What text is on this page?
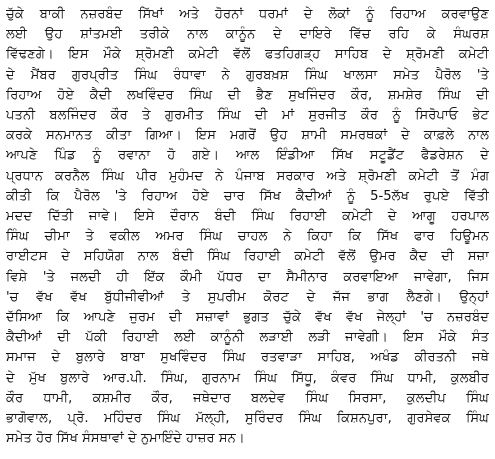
ਚੁੱਕੇ ਬਾਕੀ ਨਜ਼ਰਬੰਦ ਸਿੱਖਾਂ ਅਤੇ ਹੋਰਨਾਂ ਧਰਮਾਂ ਦੇ ਲੋਕਾਂ ਨੂੰ ਰਿਹਾਅ ਕਰਵਾਉਣ

ਲਈ ਉਹ ਸ਼ਾਂਤਮਈ ਤਰੀਕੇ ਨਾਲ ਕਾਨੂੰਨ ਦੇ ਦਾਇਰੇ ਵਿੱਚ ਰਹਿ ਕੇ ਸੰਘਰਸ਼

ਵਿੱਢਣਗੇ। ਇਸ ਮੌਕੇ ਸ਼੍ਰੋਮਣੀ ਕਮੇਟੀ ਵੱਲੋਂ ਫਤਹਿਗੜ੍ਹ ਸਾਹਿਬ ਦੇ ਸ਼੍ਰੋਮਣੀ ਕਮੇਟੀ

ਦੇ ਮੈਂਬਰ ਗੁਰਪ੍ਰੀਤ ਸਿੰਘ ਰੰਧਾਵਾ ਨੇ ਗੁਰਬਖ਼ਸ਼ ਸਿੰਘ ਖਾਲਸਾ ਸਮੇਤ ਪੈਰੋਲ 'ਤੇ

ਰਿਹਾਅ ਹੋਏ ਕੈਦੀ ਲਖਵਿੰਦਰ ਸਿੰਘ ਦੀ ਭੈਣ ਸੁਖਜਿੰਦਰ ਕੌਰ, ਸ਼ਮਸ਼ੇਰ ਸਿੰਘ ਦੀ

ਪਤਨੀ ਬਲਜਿੰਦਰ ਕੌਰ ਤੇ ਗੁਰਮੀਤ ਸਿੰਘ ਦੀ ਮਾਂ ਸੁਰਜੀਤ ਕੌਰ ਨੂੰ ਸਿਰੋਪਾਓ ਭੇਟ

ਕਰਕੇ ਸਨਮਾਨਤ ਕੀਤਾ ਗਿਆ। ਇਸ ਮਗਰੋਂ ਉਹ ਸ਼ਾਮੀ ਸਮਰਥਕਾਂ ਦੇ ਕਾਫ਼ਲੇ ਨਾਲ

ਆਪਣੇ ਪਿੰਡ ਨੂੰ ਰਵਾਨਾ ਹੋ ਗਏ। ਆਲ ਇੰਡੀਆ ਸਿੱਖ ਸਟੂਡੈਂਟ ਫੈਡਰੇਸ਼ਨ ਦੇ

ਪ੍ਰਧਾਨ ਕਰਨੈਲ ਸਿੰਘ ਪੀਰ ਮੁਹੰਮਦ ਨੇ ਪੰਜਾਬ ਸਰਕਾਰ ਅਤੇ ਸ਼੍ਰੋਮਣੀ ਕਮੇਟੀ ਤੋਂ ਮੰਗ

ਕੀਤੀ ਕਿ ਪੈਰੋਲ 'ਤੇ ਰਿਹਾਅ ਹੋਏ ਚਾਰ ਸਿੱਖ ਕੈਦੀਆਂ ਨੂੰ 5-5ਲੱਖ ਰੁਪਏ ਵਿੱਤੀ

ਮਦਦ ਦਿੱਤੀ ਜਾਵੇ। ਇਸੇ ਦੌਰਾਨ ਬੰਦੀ ਸਿੰਘ ਰਿਹਾਈ ਕਮੇਟੀ ਦੇ ਆਗੂ ਹਰਪਾਲ

ਸਿੰਘ ਚੀਮਾ ਤੇ ਵਕੀਲ ਅਮਰ ਸਿੰਘ ਚਾਹਲ ਨੇ ਕਿਹਾ ਕਿ ਸਿੱਖ ਫਾਰ ਹਿਊਮਨ

ਰਾਈਟਸ ਦੇ ਸਹਿਯੋਗ ਨਾਲ ਬੰਦੀ ਸਿੰਘ ਰਿਹਾਈ ਕਮੇਟੀ ਵੱਲੋਂ ਉਮਰ ਕੈਦ ਦੀ ਸਜ਼ਾ

ਵਿਸ਼ੇ 'ਤੇ ਜਲਦੀ ਹੀ ਇੱਕ ਕੌਮੀ ਪੱਧਰ ਦਾ ਸੈਮੀਨਾਰ ਕਰਵਾਇਆ ਜਾਵੇਗਾ, ਜਿਸ

'ਚ ਵੱਖ ਵੱਖ ਬੁੱਧੀਜੀਵੀਆਂ ਤੇ ਸੁਪਰੀਮ ਕੋਰਟ ਦੇ ਜੱਜ ਭਾਗ ਲੈਣਗੇ। ਉਨ੍ਹਾਂ

ਦੱਸਿਆ ਕਿ ਆਪਣੇ ਜੁਰਮ ਦੀ ਸਜ਼ਾਵਾਂ ਭੁਗਤ ਚੁੱਕੇ ਵੱਖ ਵੱਖ ਜੇਲ੍ਹਾਂ 'ਚ ਨਜ਼ਰਬੰਦ

ਕੈਦੀਆਂ ਦੀ ਪੱਕੀ ਰਿਹਾਈ ਲਈ ਕਾਨੂੰਨੀ ਲੜਾਈ ਲੜੀ ਜਾਵੇਗੀ। ਇਸ ਮੌਕੇ ਸੰਤ

ਸਮਾਜ ਦੇ ਬੁਲਾਰੇ ਬਾਬਾ ਸੁਖਵਿੰਦਰ ਸਿੰਘ ਰਤਵਾੜਾ ਸਾਹਿਬ, ਅਖੰਡ ਕੀਰਤਨੀ ਜਥੇ

ਦੇ ਮੁੱਖ ਬੁਲਾਰੇ ਆਰ.ਪੀ. ਸਿੰਘ, ਗੁਰਨਾਮ ਸਿੰਘ ਸਿੱਧੂ, ਕੰਵਰ ਸਿੰਘ ਧਾਮੀ, ਕੁਲਬੀਰ

ਕੌਰ ਧਾਮੀ, ਕਸ਼ਮੀਰ ਕੌਰ, ਜਥੇਦਾਰ ਬਲਦੇਵ ਸਿੰਘ ਸਿਰਸਾ, ਕੁਲਦੀਪ ਸਿੰਘ

ਭਾਗੋਵਾਲ, ਪ੍ਰੋ. ਮਹਿੰਦਰ ਸਿੰਘ ਮੱਲ੍ਹੀ, ਸੁਰਿੰਦਰ ਸਿੰਘ ਕਿਸ਼ਨਪੁਰਾ, ਗੁਰਸੇਵਕ ਸਿੰਘ

ਸਮੇਤ ਹੋਰ ਸਿੱਖ ਸੰਸਥਾਵਾਂ ਦੇ ਨੁਮਾਇੰਦੇ ਹਾਜ਼ਰ ਸਨ।
